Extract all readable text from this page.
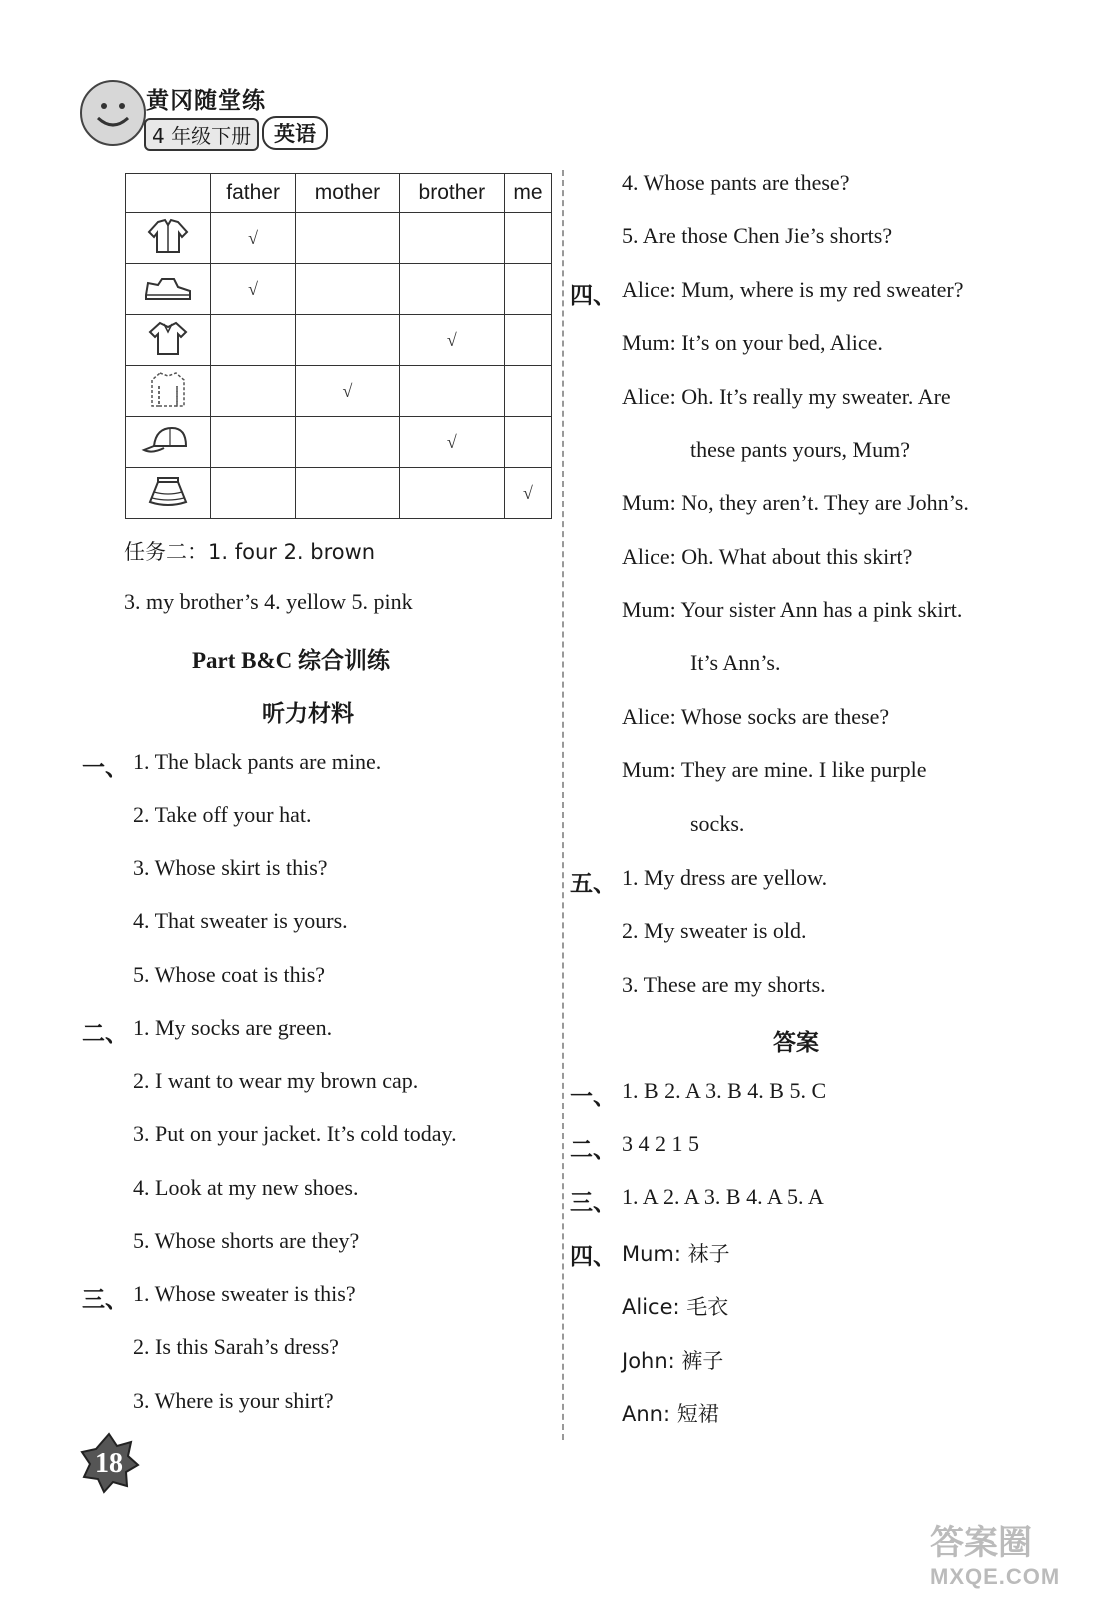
黄冈随堂练
4 年级下册	英语
	father	mother	brother	me
	√			
	√			
			√	
		√		
			√	
				√
任务二：1. four 2. brown
3. my brother’s 4. yellow 5. pink
Part B&C 综合训练
听力材料
一、 1. The black pants are mine.
2. Take off your hat.
3. Whose skirt is this?
4. That sweater is yours.
5. Whose coat is this?
二、 1. My socks are green.
2. I want to wear my brown cap.
3. Put on your jacket. It’s cold today.
4. Look at my new shoes.
5. Whose shorts are they?
三、 1. Whose sweater is this?
2. Is this Sarah’s dress?
3. Where is your shirt?
4. Whose pants are these?
5. Are those Chen Jie’s shorts?
四、 Alice: Mum, where is my red sweater?
Mum: It’s on your bed, Alice.
Alice: Oh. It’s really my sweater. Are
these pants yours, Mum?
Mum: No, they aren’t. They are John’s.
Alice: Oh. What about this skirt?
Mum: Your sister Ann has a pink skirt.
It’s Ann’s.
Alice: Whose socks are these?
Mum: They are mine. I like purple
socks.
五、 1. My dress are yellow.
2. My sweater is old.
3. These are my shorts.
答案
一、 1. B 2. A 3. B 4. B 5. C
二、 3 4 2 1 5
三、 1. A 2. A 3. B 4. A 5. A
四、 Mum: 袜子
Alice: 毛衣
John: 裤子
Ann: 短裙
18
答案圈
MXQE.COM
